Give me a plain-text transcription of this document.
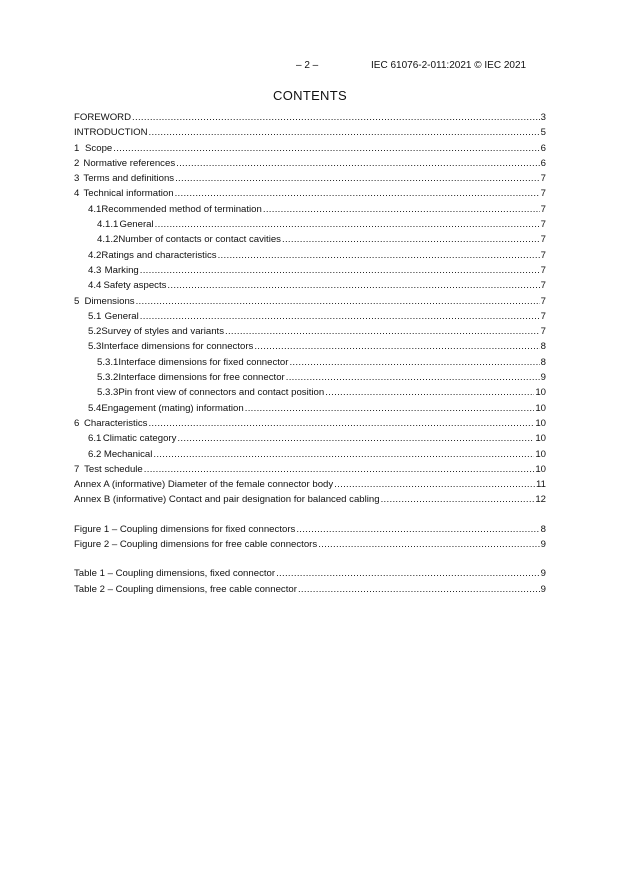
– 2 –	IEC 61076-2-011:2021 © IEC 2021
CONTENTS
FOREWORD .....	3
INTRODUCTION .....	5
1 Scope .....	6
2 Normative references .....	6
3 Terms and definitions .....	7
4 Technical information .....	7
4.1 Recommended method of termination .....	7
4.1.1 General .....	7
4.1.2 Number of contacts or contact cavities .....	7
4.2 Ratings and characteristics .....	7
4.3 Marking .....	7
4.4 Safety aspects .....	7
5 Dimensions .....	7
5.1 General .....	7
5.2 Survey of styles and variants .....	7
5.3 Interface dimensions for connectors .....	8
5.3.1 Interface dimensions for fixed connector .....	8
5.3.2 Interface dimensions for free connector .....	9
5.3.3 Pin front view of connectors and contact position .....	10
5.4 Engagement (mating) information .....	10
6 Characteristics .....	10
6.1 Climatic category .....	10
6.2 Mechanical .....	10
7 Test schedule .....	10
Annex A (informative) Diameter of the female connector body .....	11
Annex B (informative) Contact and pair designation for balanced cabling .....	12
Figure 1 – Coupling dimensions for fixed connectors .....	8
Figure 2 – Coupling dimensions for free cable connectors .....	9
Table 1 – Coupling dimensions, fixed connector .....	9
Table 2 – Coupling dimensions, free cable connector .....	9
